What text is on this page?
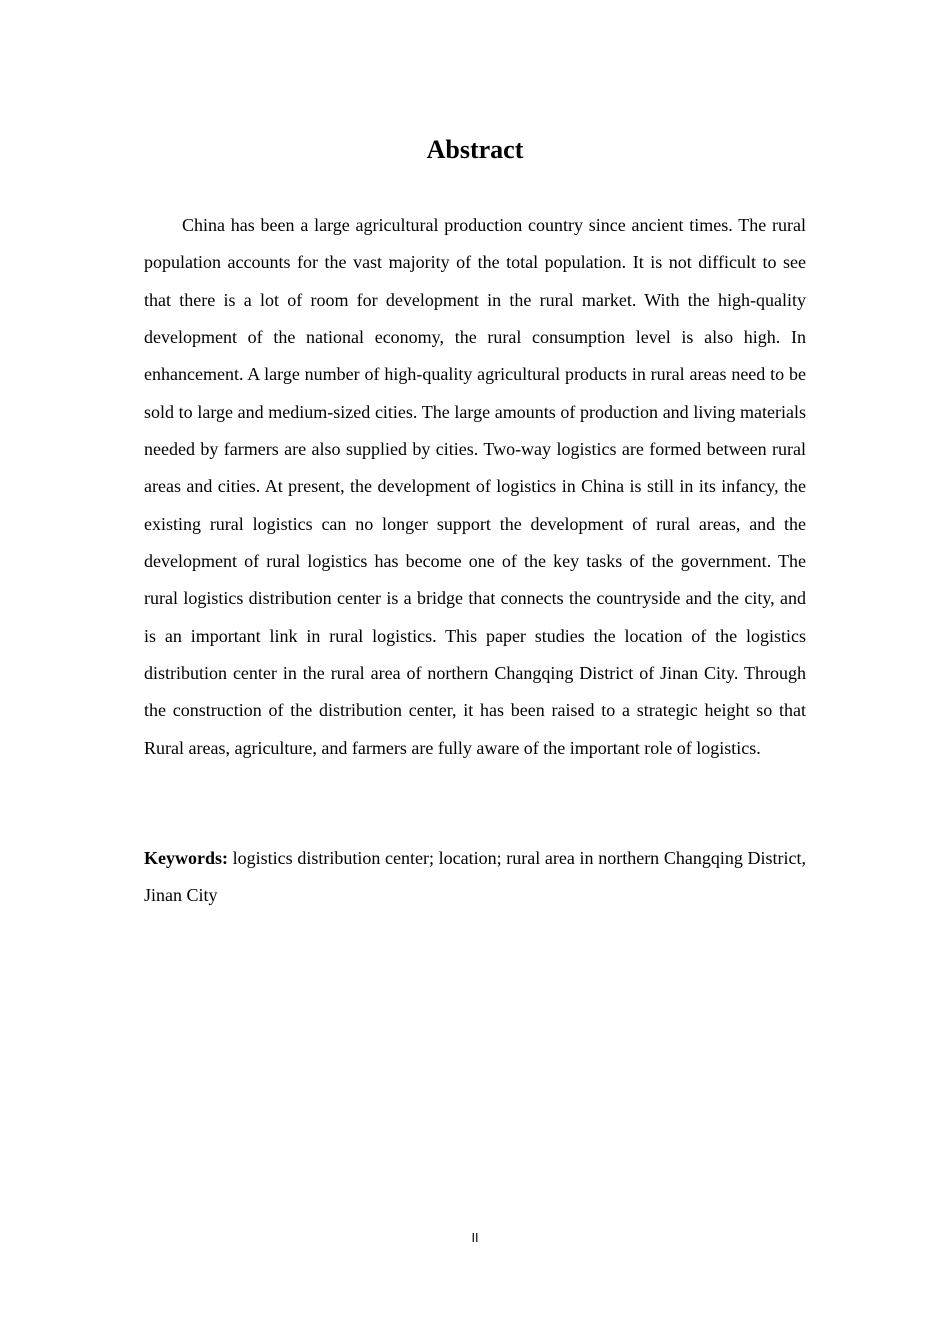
Abstract

China has been a large agricultural production country since ancient times. The rural population accounts for the vast majority of the total population. It is not difficult to see that there is a lot of room for development in the rural market. With the high-quality development of the national economy, the rural consumption level is also high. In enhancement. A large number of high-quality agricultural products in rural areas need to be sold to large and medium-sized cities. The large amounts of production and living materials needed by farmers are also supplied by cities. Two-way logistics are formed between rural areas and cities. At present, the development of logistics in China is still in its infancy, the existing rural logistics can no longer support the development of rural areas, and the development of rural logistics has become one of the key tasks of the government. The rural logistics distribution center is a bridge that connects the countryside and the city, and is an important link in rural logistics. This paper studies the location of the logistics distribution center in the rural area of northern Changqing District of Jinan City. Through the construction of the distribution center, it has been raised to a strategic height so that Rural areas, agriculture, and farmers are fully aware of the important role of logistics.

Keywords: logistics distribution center; location; rural area in northern Changqing District, Jinan City

II
